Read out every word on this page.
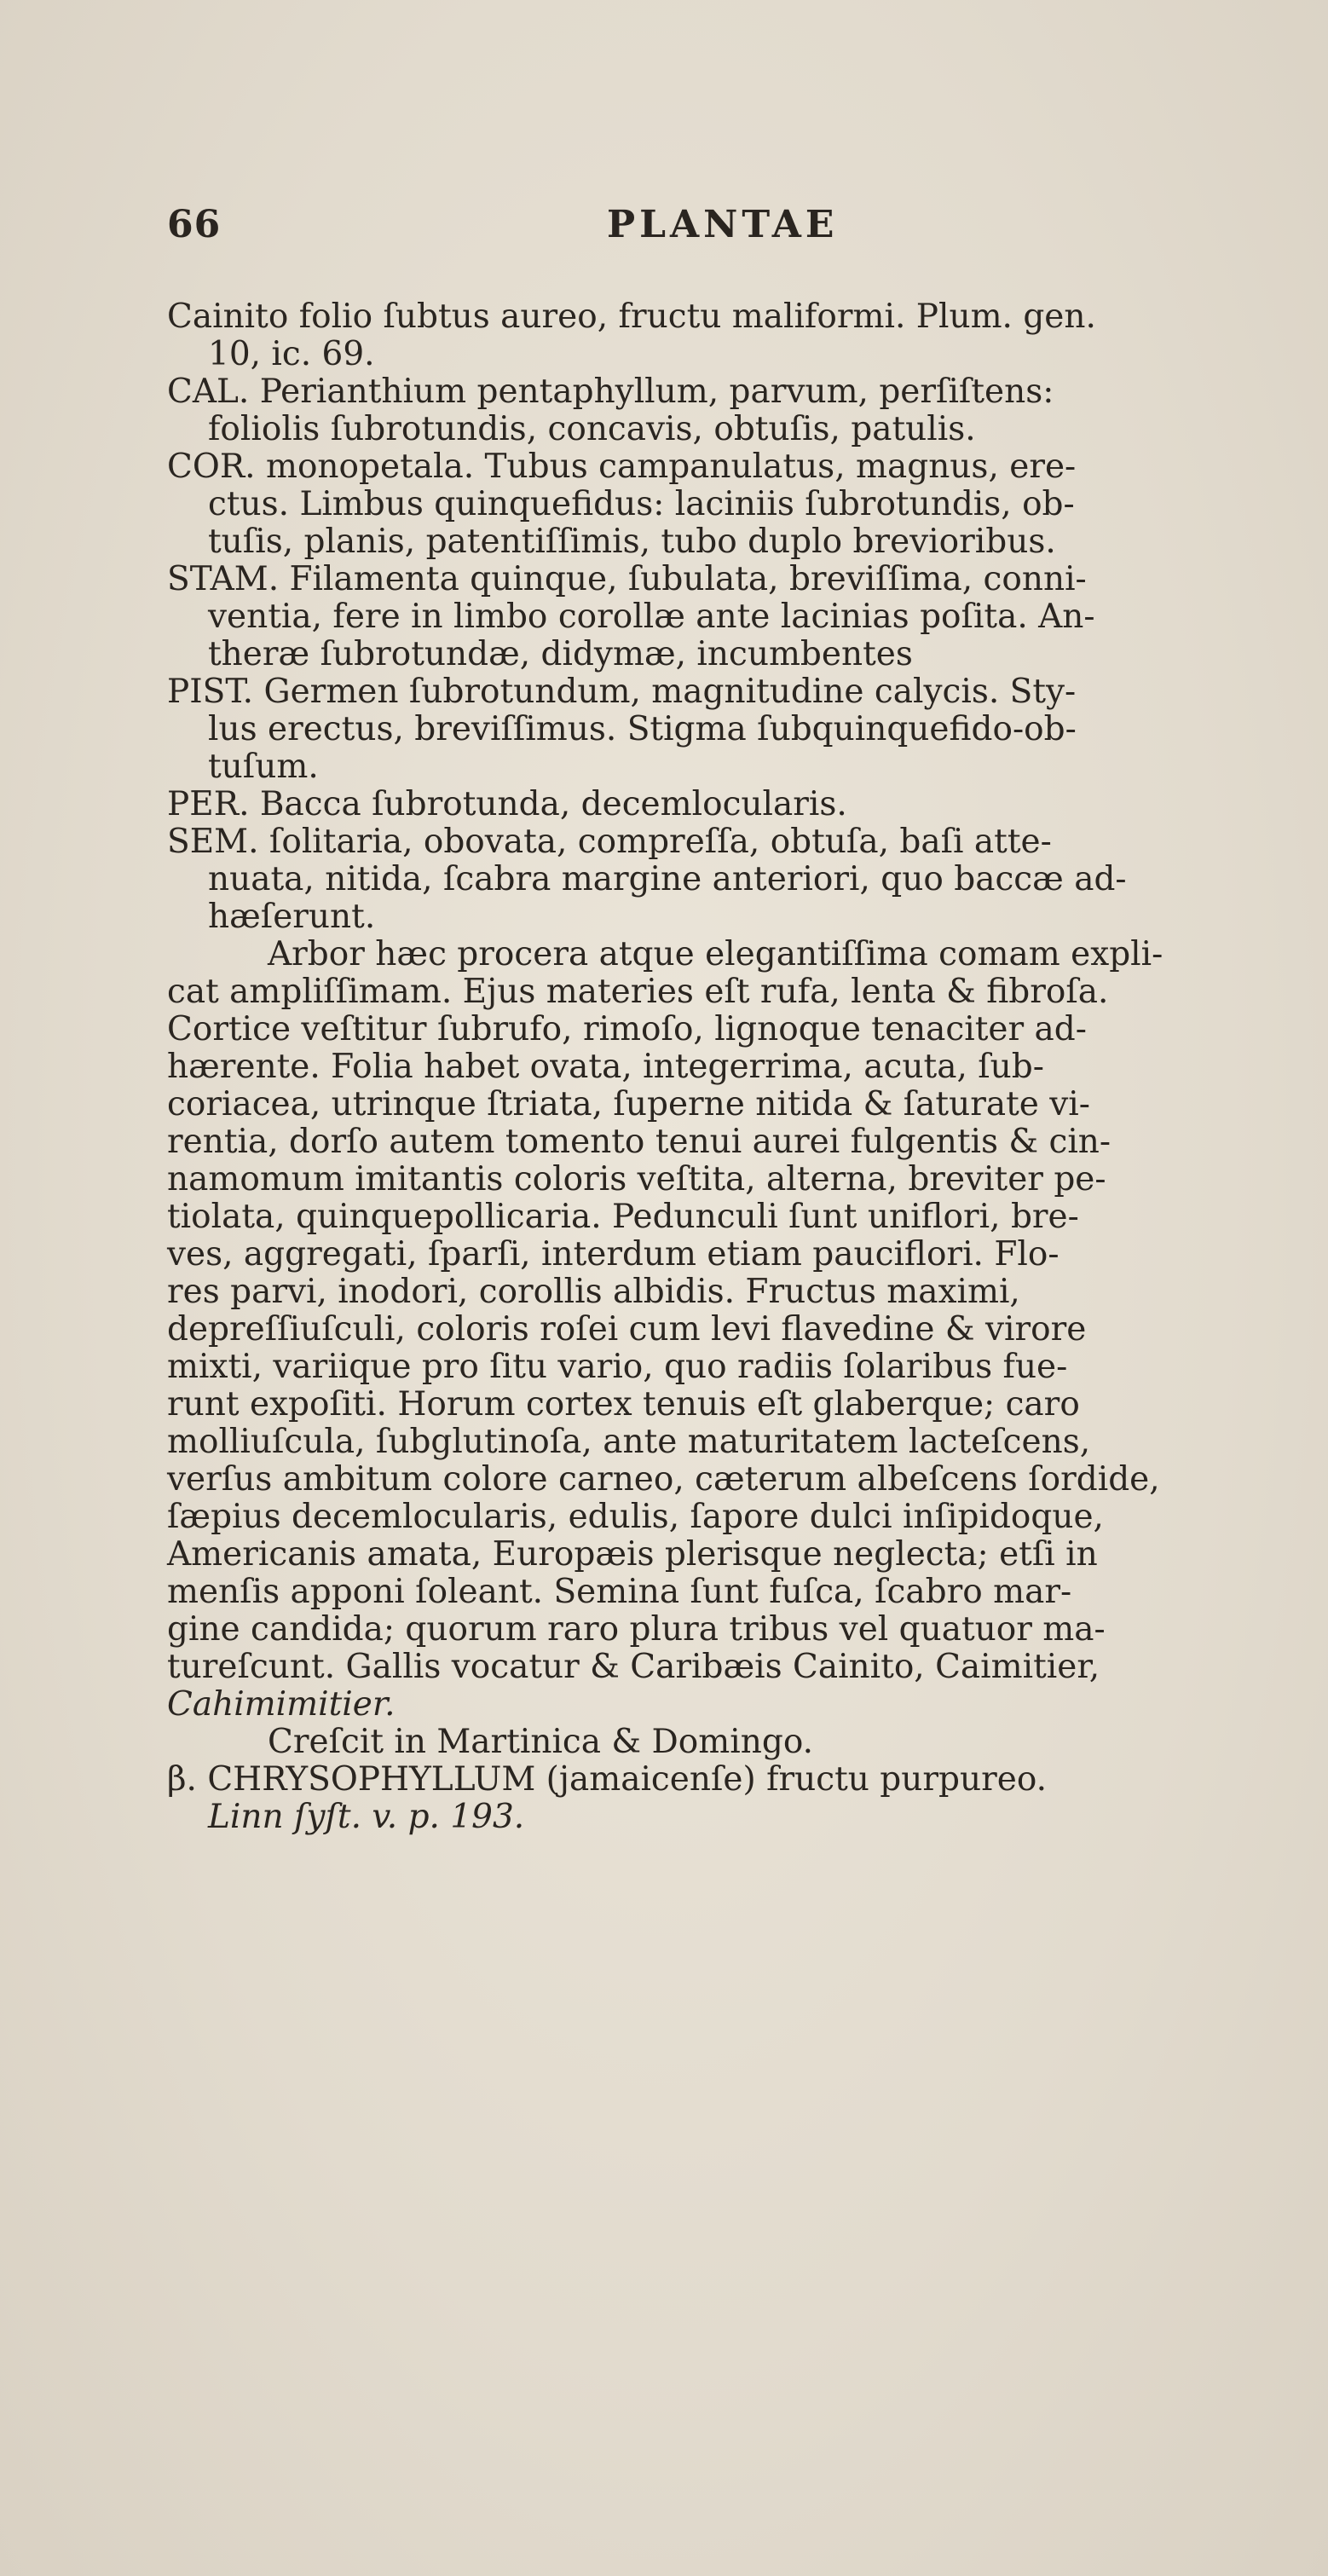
66	PLANTAE
Cainito folio ſubtus aureo, fructu maliformi. Plum. gen.
10, ic. 69.
CAL. Perianthium pentaphyllum, parvum, perſiſtens:
foliolis ſubrotundis, concavis, obtuſis, patulis.
COR. monopetala. Tubus campanulatus, magnus, ere-
ctus. Limbus quinquefidus: laciniis ſubrotundis, ob-
tuſis, planis, patentiſſimis, tubo duplo brevioribus.
STAM. Filamenta quinque, ſubulata, breviſſima, conni-
ventia, fere in limbo corollæ ante lacinias poſita. An-
theræ ſubrotundæ, didymæ, incumbentes
PIST. Germen ſubrotundum, magnitudine calycis. Sty-
lus erectus, breviſſimus. Stigma ſubquinquefido-ob-
tuſum.
PER. Bacca ſubrotunda, decemlocularis.
SEM. ſolitaria, obovata, compreſſa, obtuſa, baſi atte-
nuata, nitida, ſcabra margine anteriori, quo baccæ ad-
hæſerunt.
Arbor hæc procera atque elegantiſſima comam expli-
cat ampliſſimam. Ejus materies eſt rufa, lenta & fibroſa.
Cortice veſtitur ſubrufo, rimoſo, lignoque tenaciter ad-
hærente. Folia habet ovata, integerrima, acuta, ſub-
coriacea, utrinque ſtriata, ſuperne nitida & ſaturate vi-
rentia, dorſo autem tomento tenui aurei fulgentis & cin-
namomum imitantis coloris veſtita, alterna, breviter pe-
tiolata, quinquepollicaria. Pedunculi ſunt uniflori, bre-
ves, aggregati, ſparſi, interdum etiam pauciflori. Flo-
res parvi, inodori, corollis albidis. Fructus maximi,
depreſſiuſculi, coloris roſei cum levi flavedine & virore
mixti, variique pro ſitu vario, quo radiis ſolaribus fue-
runt expoſiti. Horum cortex tenuis eſt glaberque; caro
molliuſcula, ſubglutinoſa, ante maturitatem lacteſcens,
verſus ambitum colore carneo, cæterum albeſcens ſordide,
ſæpius decemlocularis, edulis, ſapore dulci inſipidoque,
Americanis amata, Europæis plerisque neglecta; etſi in
menſis apponi ſoleant. Semina ſunt fuſca, ſcabro mar-
gine candida; quorum raro plura tribus vel quatuor ma-
tureſcunt. Gallis vocatur & Caribæis Cainito, Caimitier,
Cahimimitier.
Creſcit in Martinica & Domingo.
β. CHRYSOPHYLLUM (jamaicenſe) fructu purpureo.
Linn ſyſt. v. p. 193.
